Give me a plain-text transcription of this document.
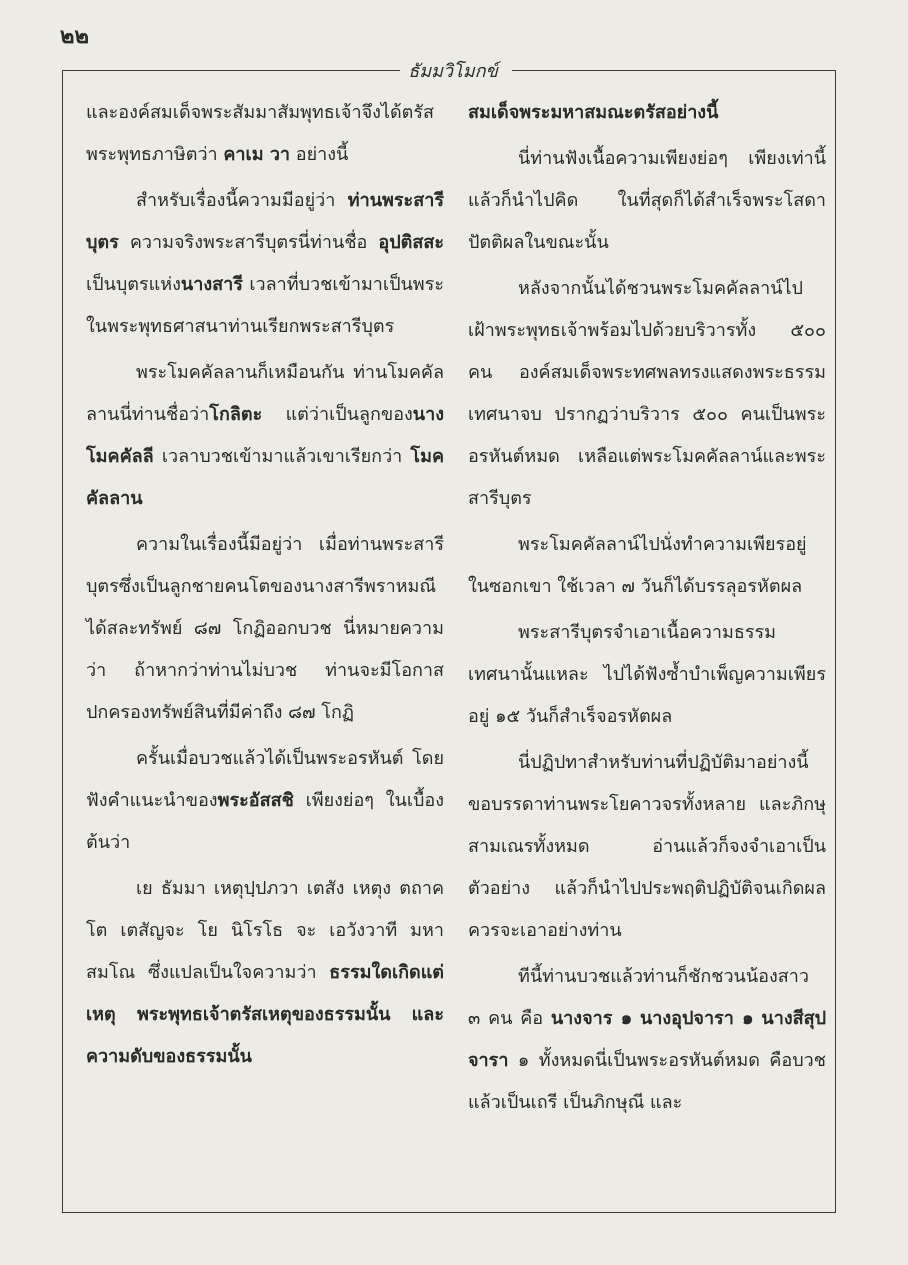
๒๒
ธัมมวิโมกข์

และองค์สมเด็จพระสัมมาสัมพุทธเจ้าจึงได้ตรัสพระพุทธภาษิตว่า คาเม วา อย่างนี้

สำหรับเรื่องนี้ความมีอยู่ว่า ท่านพระสารีบุตร ความจริงพระสารีบุตรนี่ท่านชื่อ อุปติสสะ เป็นบุตรแห่งนางสารี เวลาที่บวชเข้ามาเป็นพระในพระพุทธศาสนาท่านเรียกพระสารีบุตร

พระโมคคัลลานก็เหมือนกัน ท่านโมคคัลลานนี่ท่านชื่อว่าโกลิตะ แต่ว่าเป็นลูกของนางโมคคัลลี เวลาบวชเข้ามาแล้วเขาเรียกว่า โมคคัลลาน

ความในเรื่องนี้มีอยู่ว่า เมื่อท่านพระสารีบุตรซึ่งเป็นลูกชายคนโตของนางสารีพราหมณี ได้สละทรัพย์ ๘๗ โกฏิออกบวช นี่หมายความว่า ถ้าหากว่าท่านไม่บวช ท่านจะมีโอกาสปกครองทรัพย์สินที่มีค่าถึง ๘๗ โกฏิ

ครั้นเมื่อบวชแล้วได้เป็นพระอรหันต์ โดยฟังคำแนะนำของพระอัสสชิ เพียงย่อๆ ในเบื้องต้นว่า

เย ธัมมา เหตุปฺปภวา เตสัง เหตุง ตถาคโต เตสัญจะ โย นิโรโธ จะ เอวังวาที มหาสมโณ ซึ่งแปลเป็นใจความว่า ธรรมใดเกิดแต่เหตุ พระพุทธเจ้าตรัสเหตุของธรรมนั้น และความดับของธรรมนั้น

สมเด็จพระมหาสมณะตรัสอย่างนี้

นี่ท่านฟังเนื้อความเพียงย่อๆ เพียงเท่านี้ แล้วก็นำไปคิด ในที่สุดก็ได้สำเร็จพระโสดาปัตติผลในขณะนั้น

หลังจากนั้นได้ชวนพระโมคคัลลาน์ไปเฝ้าพระพุทธเจ้าพร้อมไปด้วยบริวารทั้ง ๕๐๐ คน องค์สมเด็จพระทศพลทรงแสดงพระธรรมเทศนาจบ ปรากฏว่าบริวาร ๕๐๐ คนเป็นพระอรหันต์หมด เหลือแต่พระโมคคัลลาน์และพระสารีบุตร

พระโมคคัลลาน์ไปนั่งทำความเพียรอยู่ในซอกเขา ใช้เวลา ๗ วันก็ได้บรรลุอรหัตผล

พระสารีบุตรจำเอาเนื้อความธรรมเทศนานั้นแหละ ไปได้ฟังซ้ำบำเพ็ญความเพียรอยู่ ๑๕ วันก็สำเร็จอรหัตผล

นี่ปฏิปทาสำหรับท่านที่ปฏิบัติมาอย่างนี้ ขอบรรดาท่านพระโยคาวจรทั้งหลาย และภิกษุสามเณรทั้งหมด อ่านแล้วก็จงจำเอาเป็นตัวอย่าง แล้วก็นำไปประพฤติปฏิบัติจนเกิดผล ควรจะเอาอย่างท่าน

ทีนี้ท่านบวชแล้วท่านก็ชักชวนน้องสาว ๓ คน คือ นางจาร ๑ นางอุปจารา ๑ นางสีสุปจารา ๑ ทั้งหมดนี่เป็นพระอรหันต์หมด คือบวชแล้วเป็นเถรี เป็นภิกษุณี และ
